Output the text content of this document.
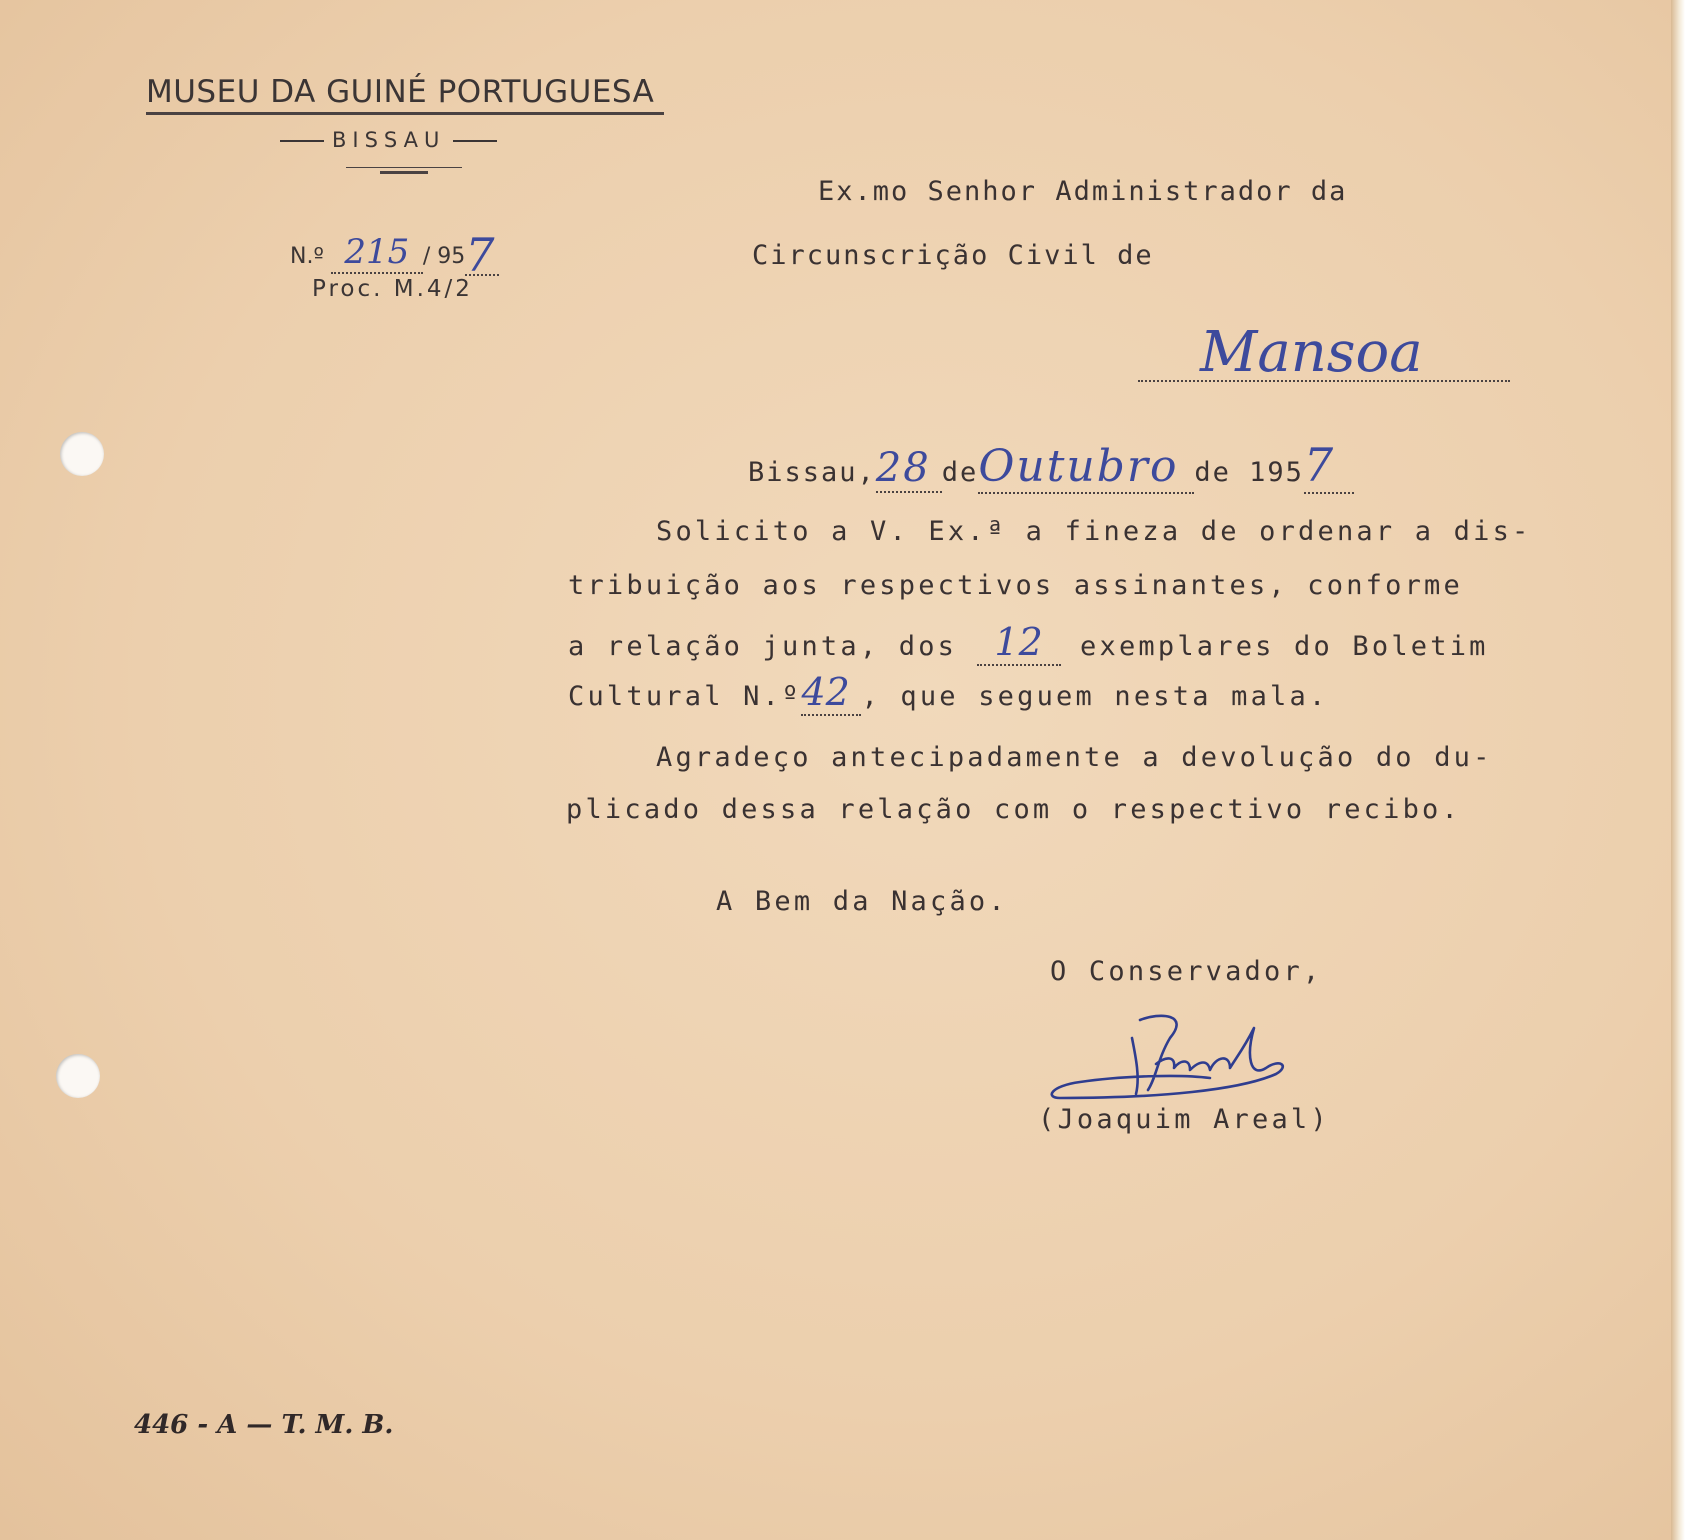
MUSEU DA GUINÉ PORTUGUESA
BISSAU
N.º 215 / 957
Proc. M.4/2
Ex.mo Senhor Administrador da
Circunscrição Civil de
Mansoa
Bissau,28 deOutubro de 1957
Solicito a V. Ex.ª a fineza de ordenar a dis-
tribuição aos respectivos assinantes, conforme
a relação junta, dos 12 exemplares do Boletim
Cultural N.º42 , que seguem nesta mala.
Agradeço antecipadamente a devolução do du-
plicado dessa relação com o respectivo recibo.
A Bem da Nação.
O Conservador,
(Joaquim Areal)
446 - A — T. M. B.
